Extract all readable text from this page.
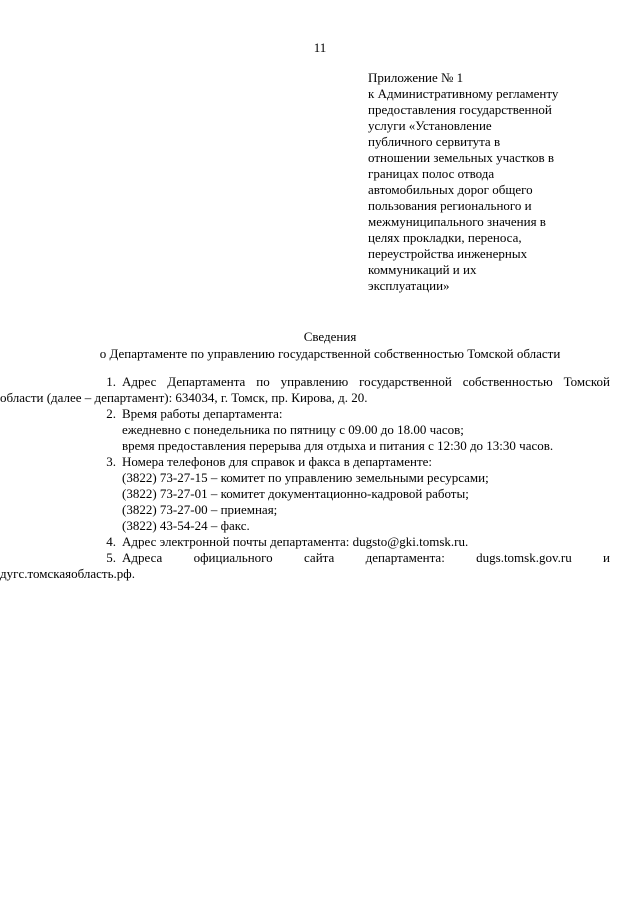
11
Приложение № 1
к Административному регламенту
предоставления государственной
услуги «Установление
публичного сервитута в
отношении земельных участков в
границах полос отвода
автомобильных дорог общего
пользования регионального и
межмуниципального значения в
целях прокладки, переноса,
переустройства инженерных
коммуникаций и их
эксплуатации»
Сведения
о Департаменте по управлению государственной собственностью Томской области
1. Адрес Департамента по управлению государственной собственностью Томской
области (далее – департамент): 634034, г. Томск, пр. Кирова, д. 20.
2. Время работы департамента:
ежедневно с понедельника по пятницу с 09.00 до 18.00 часов;
время предоставления перерыва для отдыха и питания с 12:30 до 13:30 часов.
3. Номера телефонов для справок и факса в департаменте:
(3822) 73-27-15 – комитет по управлению земельными ресурсами;
(3822) 73-27-01 – комитет документационно-кадровой работы;
(3822) 73-27-00 – приемная;
(3822) 43-54-24 – факс.
4. Адрес электронной почты департамента: dugsto@gki.tomsk.ru.
5. Адреса официального сайта департамента: dugs.tomsk.gov.ru и
дугс.томскаяобласть.рф.
